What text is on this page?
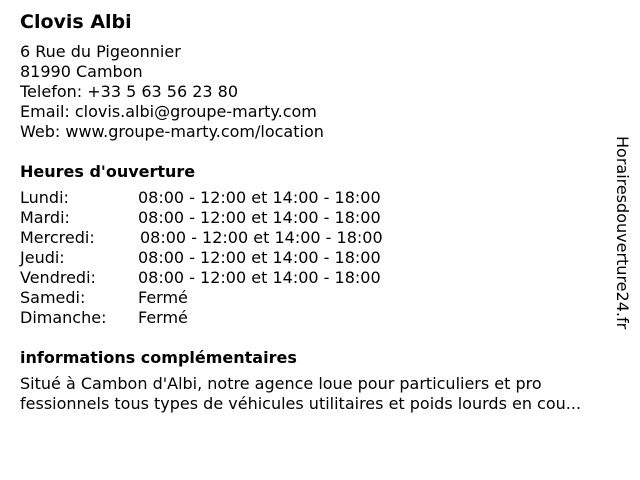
Clovis Albi
6 Rue du Pigeonnier
81990 Cambon
Telefon: +33 5 63 56 23 80
Email: clovis.albi@groupe-marty.com
Web: www.groupe-marty.com/location
Heures d'ouverture
Lundi:	08:00 - 12:00 et 14:00 - 18:00
Mardi:	08:00 - 12:00 et 14:00 - 18:00
Mercredi:	08:00 - 12:00 et 14:00 - 18:00
Jeudi:	08:00 - 12:00 et 14:00 - 18:00
Vendredi:	08:00 - 12:00 et 14:00 - 18:00
Samedi:	Fermé
Dimanche:	Fermé
informations complémentaires
Situé à Cambon d'Albi, notre agence loue pour particuliers et pro
fessionnels tous types de véhicules utilitaires et poids lourds en cou...
Horairesdouverture24.fr
